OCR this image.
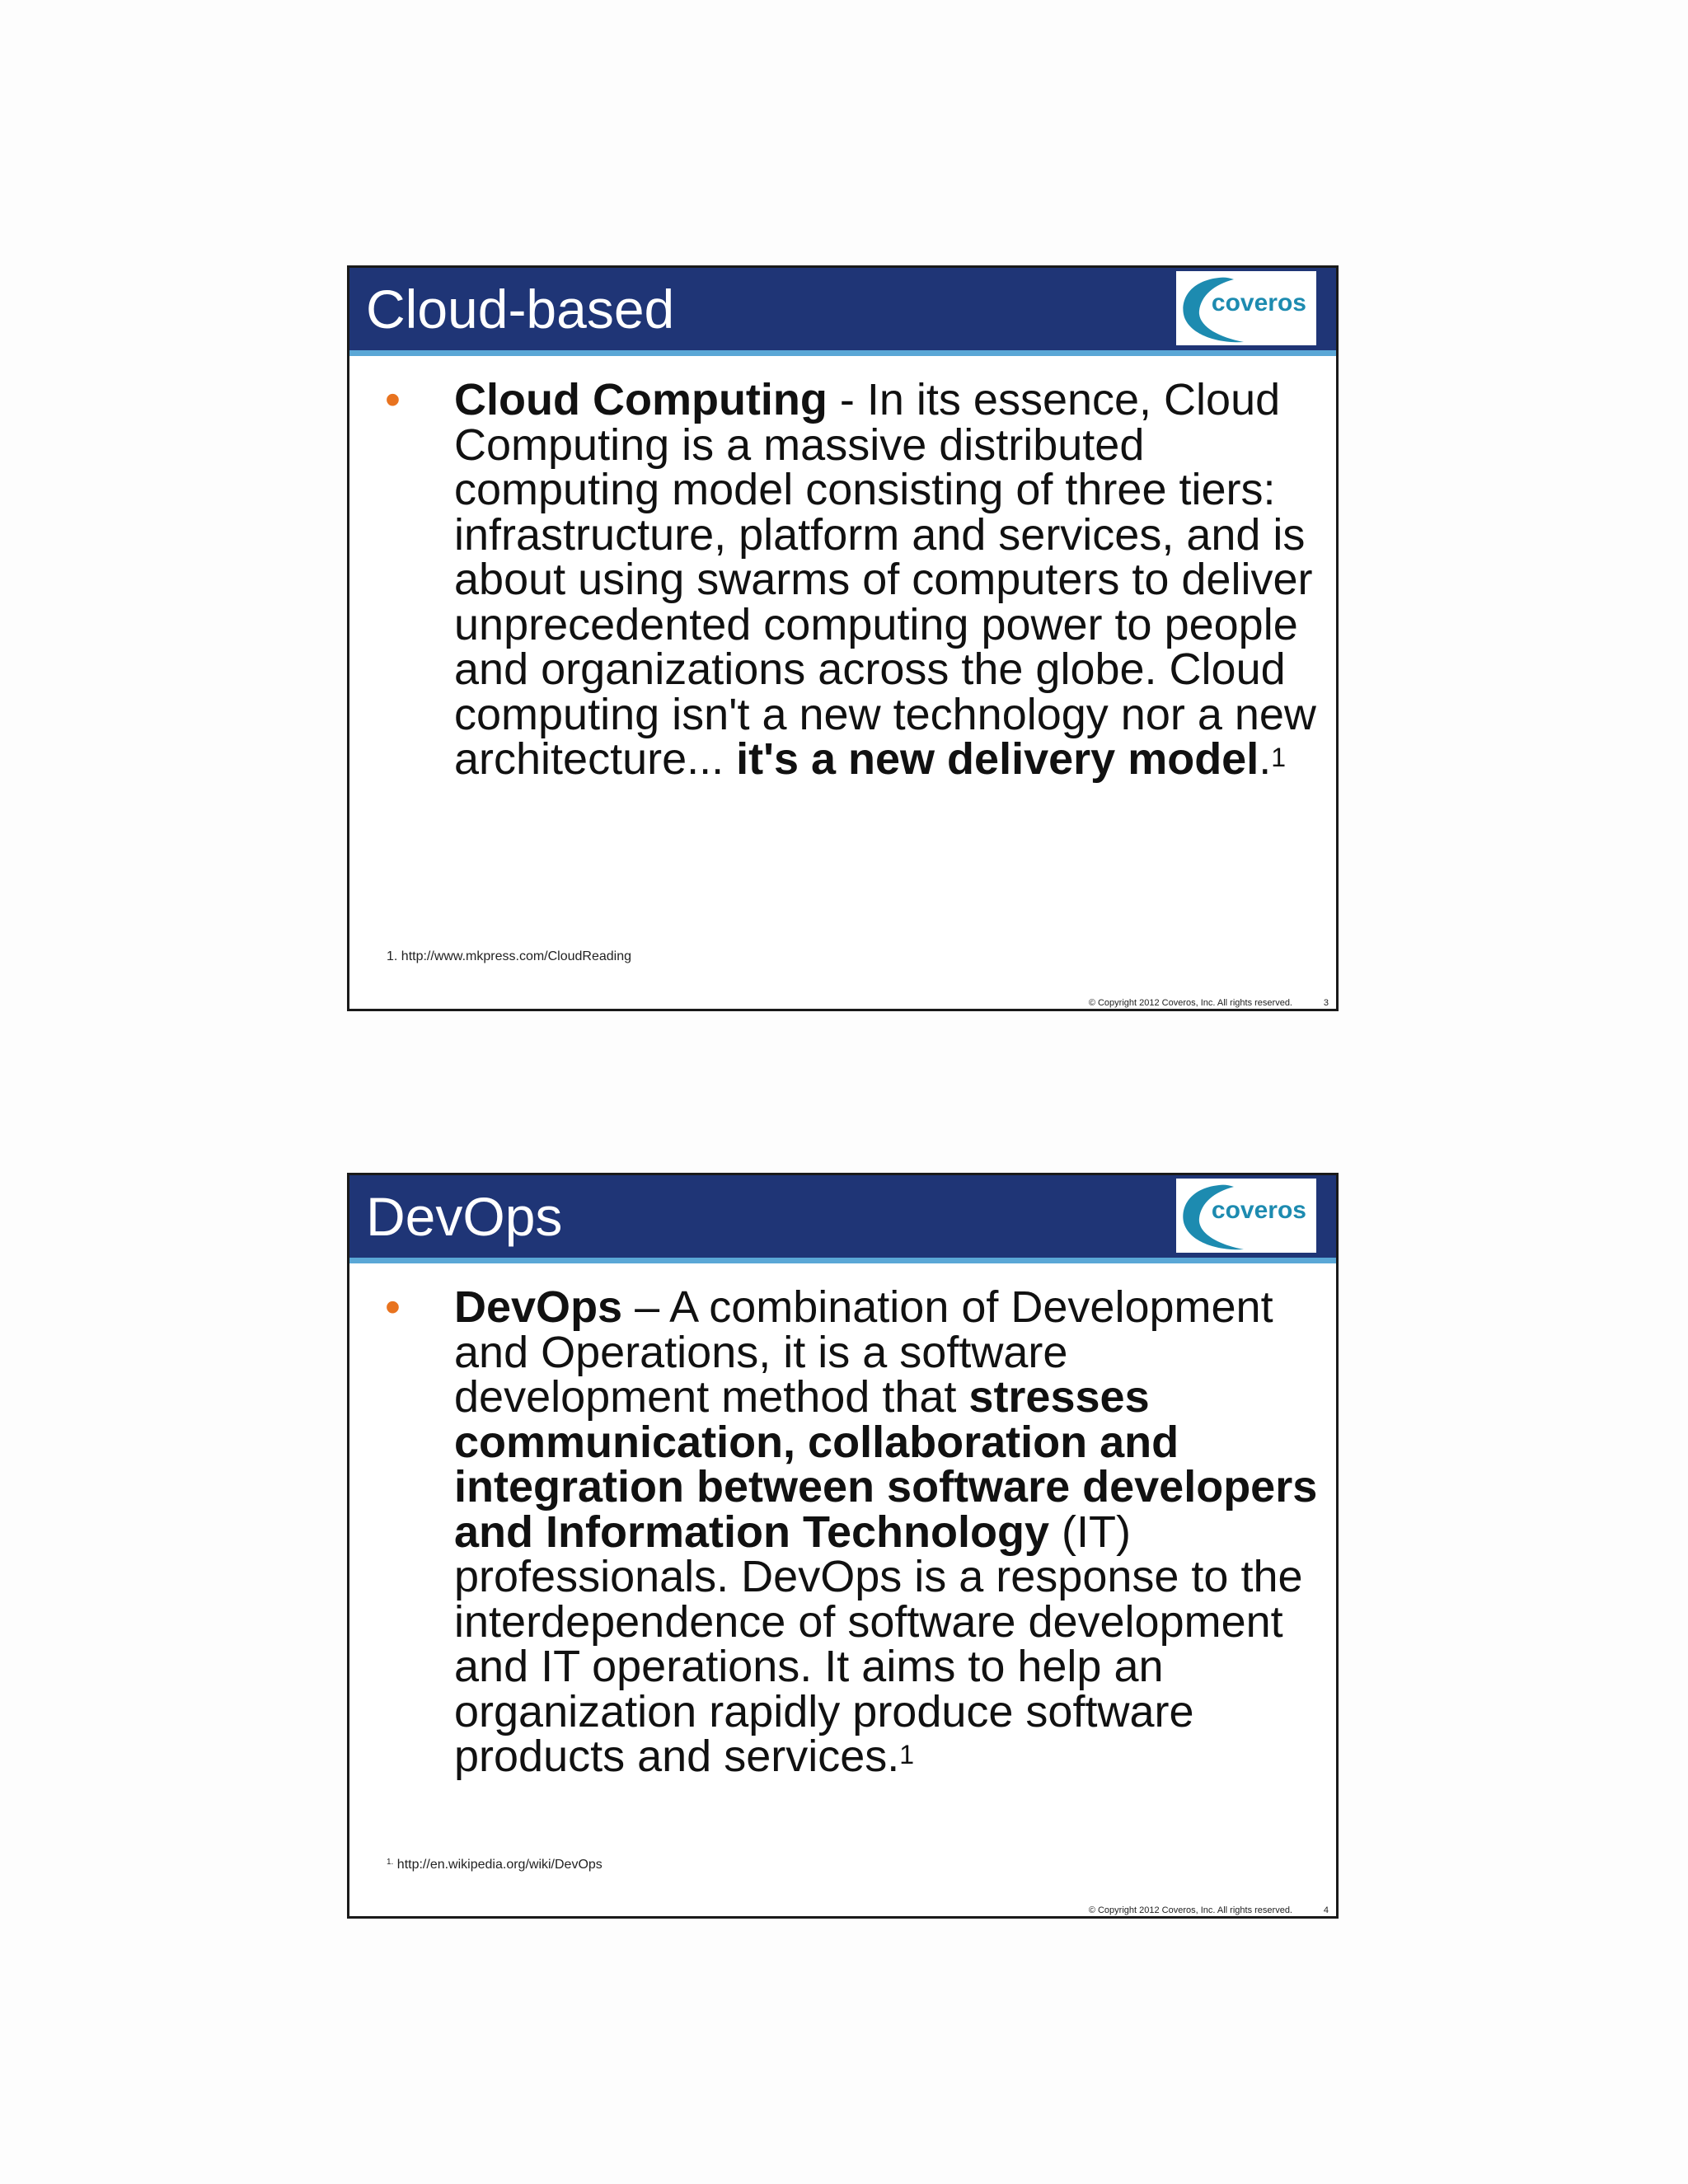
Cloud-based	coveros
• Cloud Computing - In its essence, Cloud Computing is a massive distributed computing model consisting of three tiers: infrastructure, platform and services, and is about using swarms of computers to deliver unprecedented computing power to people and organizations across the globe. Cloud computing isn't a new technology nor a new architecture... it's a new delivery model.$^1$
1. http://www.mkpress.com/CloudReading
© Copyright 2012 Coveros, Inc. All rights reserved.	3
DevOps	coveros
• DevOps – A combination of Development and Operations, it is a software development method that stresses communication, collaboration and integration between software developers and Information Technology (IT) professionals. DevOps is a response to the interdependence of software development and IT operations. It aims to help an organization rapidly produce software products and services.$^1$
$^{1.}$ http://en.wikipedia.org/wiki/DevOps
© Copyright 2012 Coveros, Inc. All rights reserved.	4
